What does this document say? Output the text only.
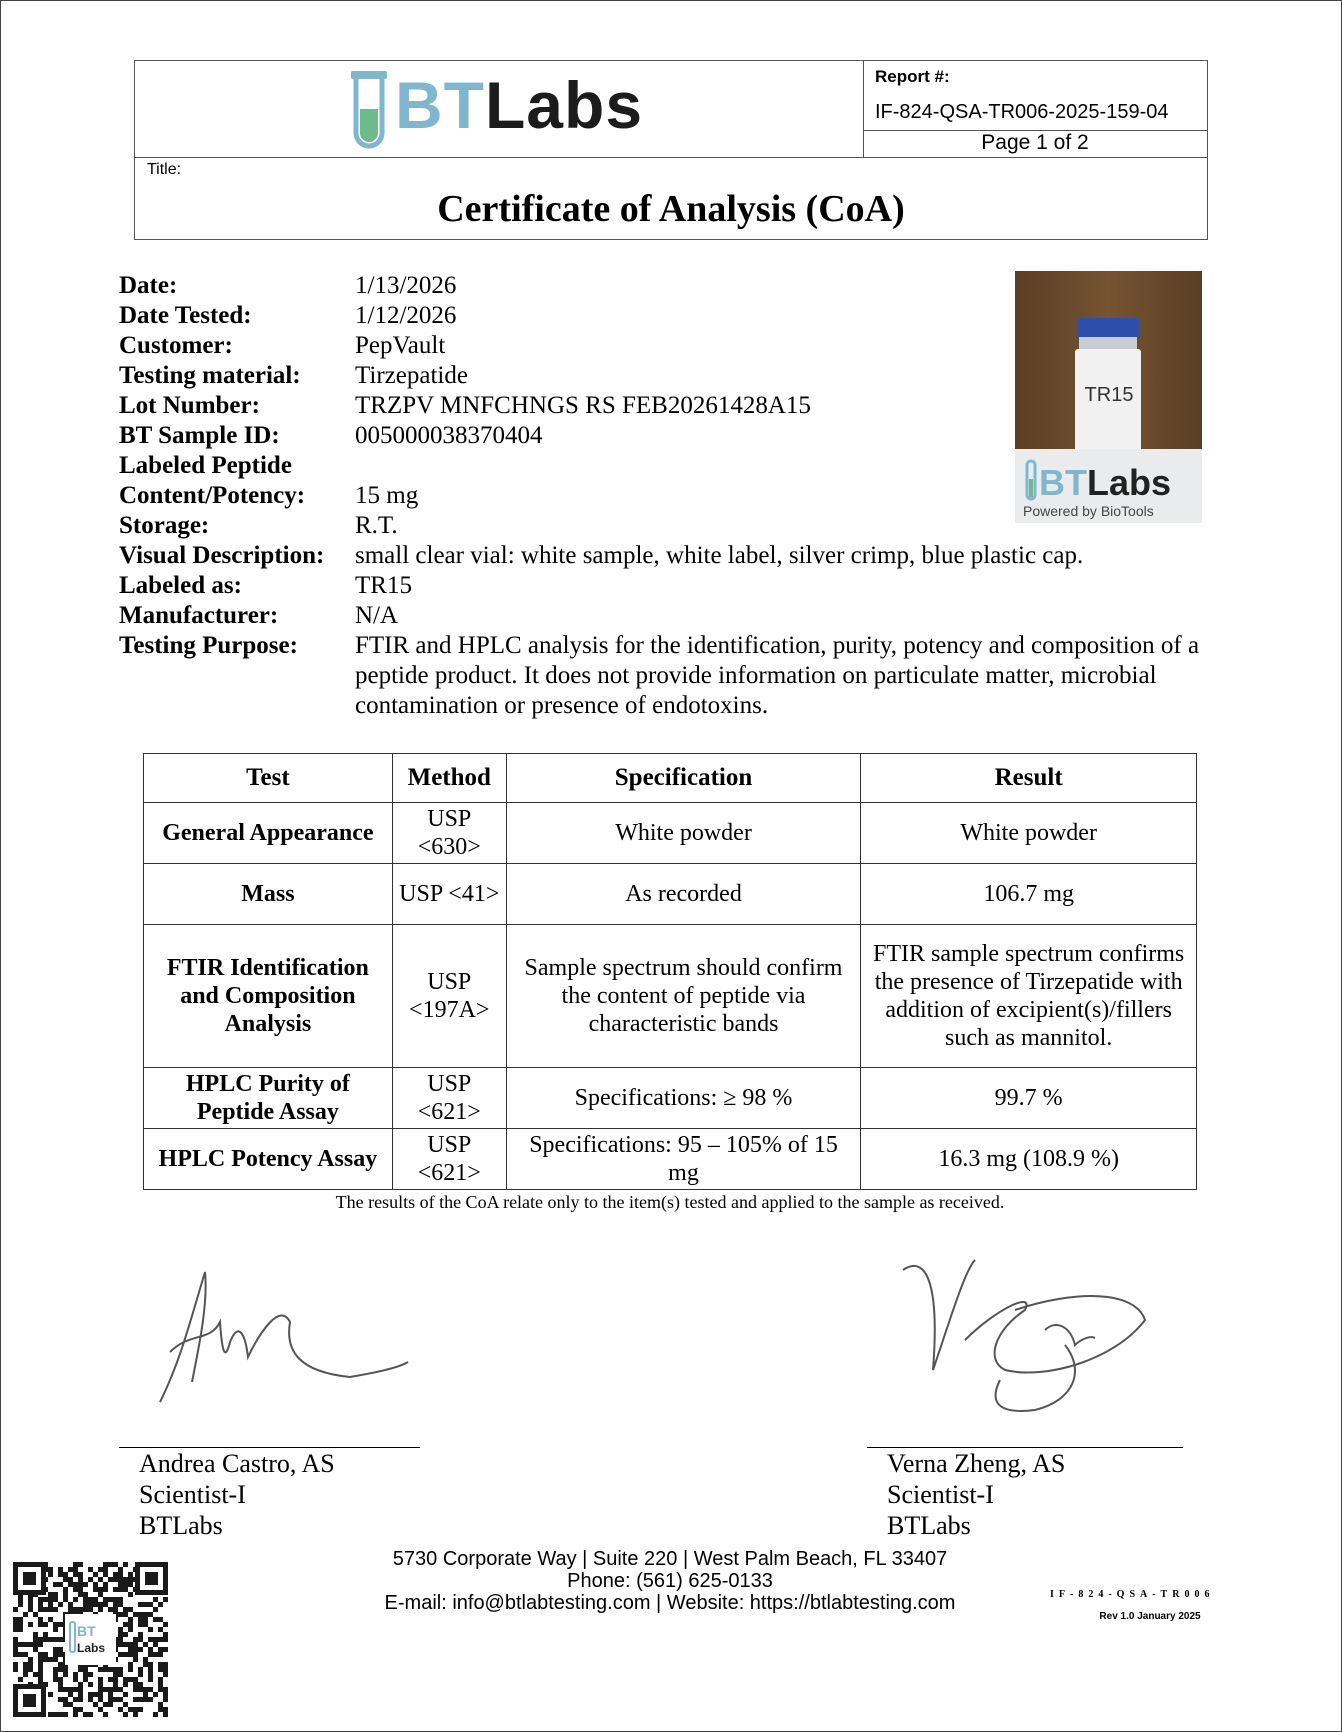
BTLabs	Report #:
IF-824-QSA-TR006-2025-159-04
Page 1 of 2
Title:
Certificate of Analysis (CoA)
Date:	1/13/2026
Date Tested:	1/12/2026
Customer:	PepVault
Testing material:	Tirzepatide
Lot Number:	TRZPV MNFCHNGS RS FEB20261428A15
BT Sample ID:	005000038370404
Labeled Peptide
Content/Potency:	15 mg
Storage:	R.T.
Visual Description:	small clear vial: white sample, white label, silver crimp, blue plastic cap.
Labeled as:	TR15
Manufacturer:	N/A
Testing Purpose:	FTIR and HPLC analysis for the identification, purity, potency and composition of a peptide product. It does not provide information on particulate matter, microbial contamination or presence of endotoxins.
TR15
BTLabs
Powered by BioTools
Test	Method	Specification	Result
General Appearance	USP <630>	White powder	White powder
Mass	USP <41>	As recorded	106.7 mg
FTIR Identification and Composition Analysis	USP <197A>	Sample spectrum should confirm the content of peptide via characteristic bands	FTIR sample spectrum confirms the presence of Tirzepatide with addition of excipient(s)/fillers such as mannitol.
HPLC Purity of Peptide Assay	USP <621>	Specifications: ≥ 98 %	99.7 %
HPLC Potency Assay	USP <621>	Specifications: 95 – 105% of 15 mg	16.3 mg (108.9 %)
The results of the CoA relate only to the item(s) tested and applied to the sample as received.
Andrea Castro, AS
Scientist-I
BTLabs
Verna Zheng, AS
Scientist-I
BTLabs
5730 Corporate Way | Suite 220 | West Palm Beach, FL 33407
Phone: (561) 625-0133
E-mail: info@btlabtesting.com | Website: https://btlabtesting.com	IF-824-QSA-TR006
Rev 1.0 January 2025
BT
Labs
